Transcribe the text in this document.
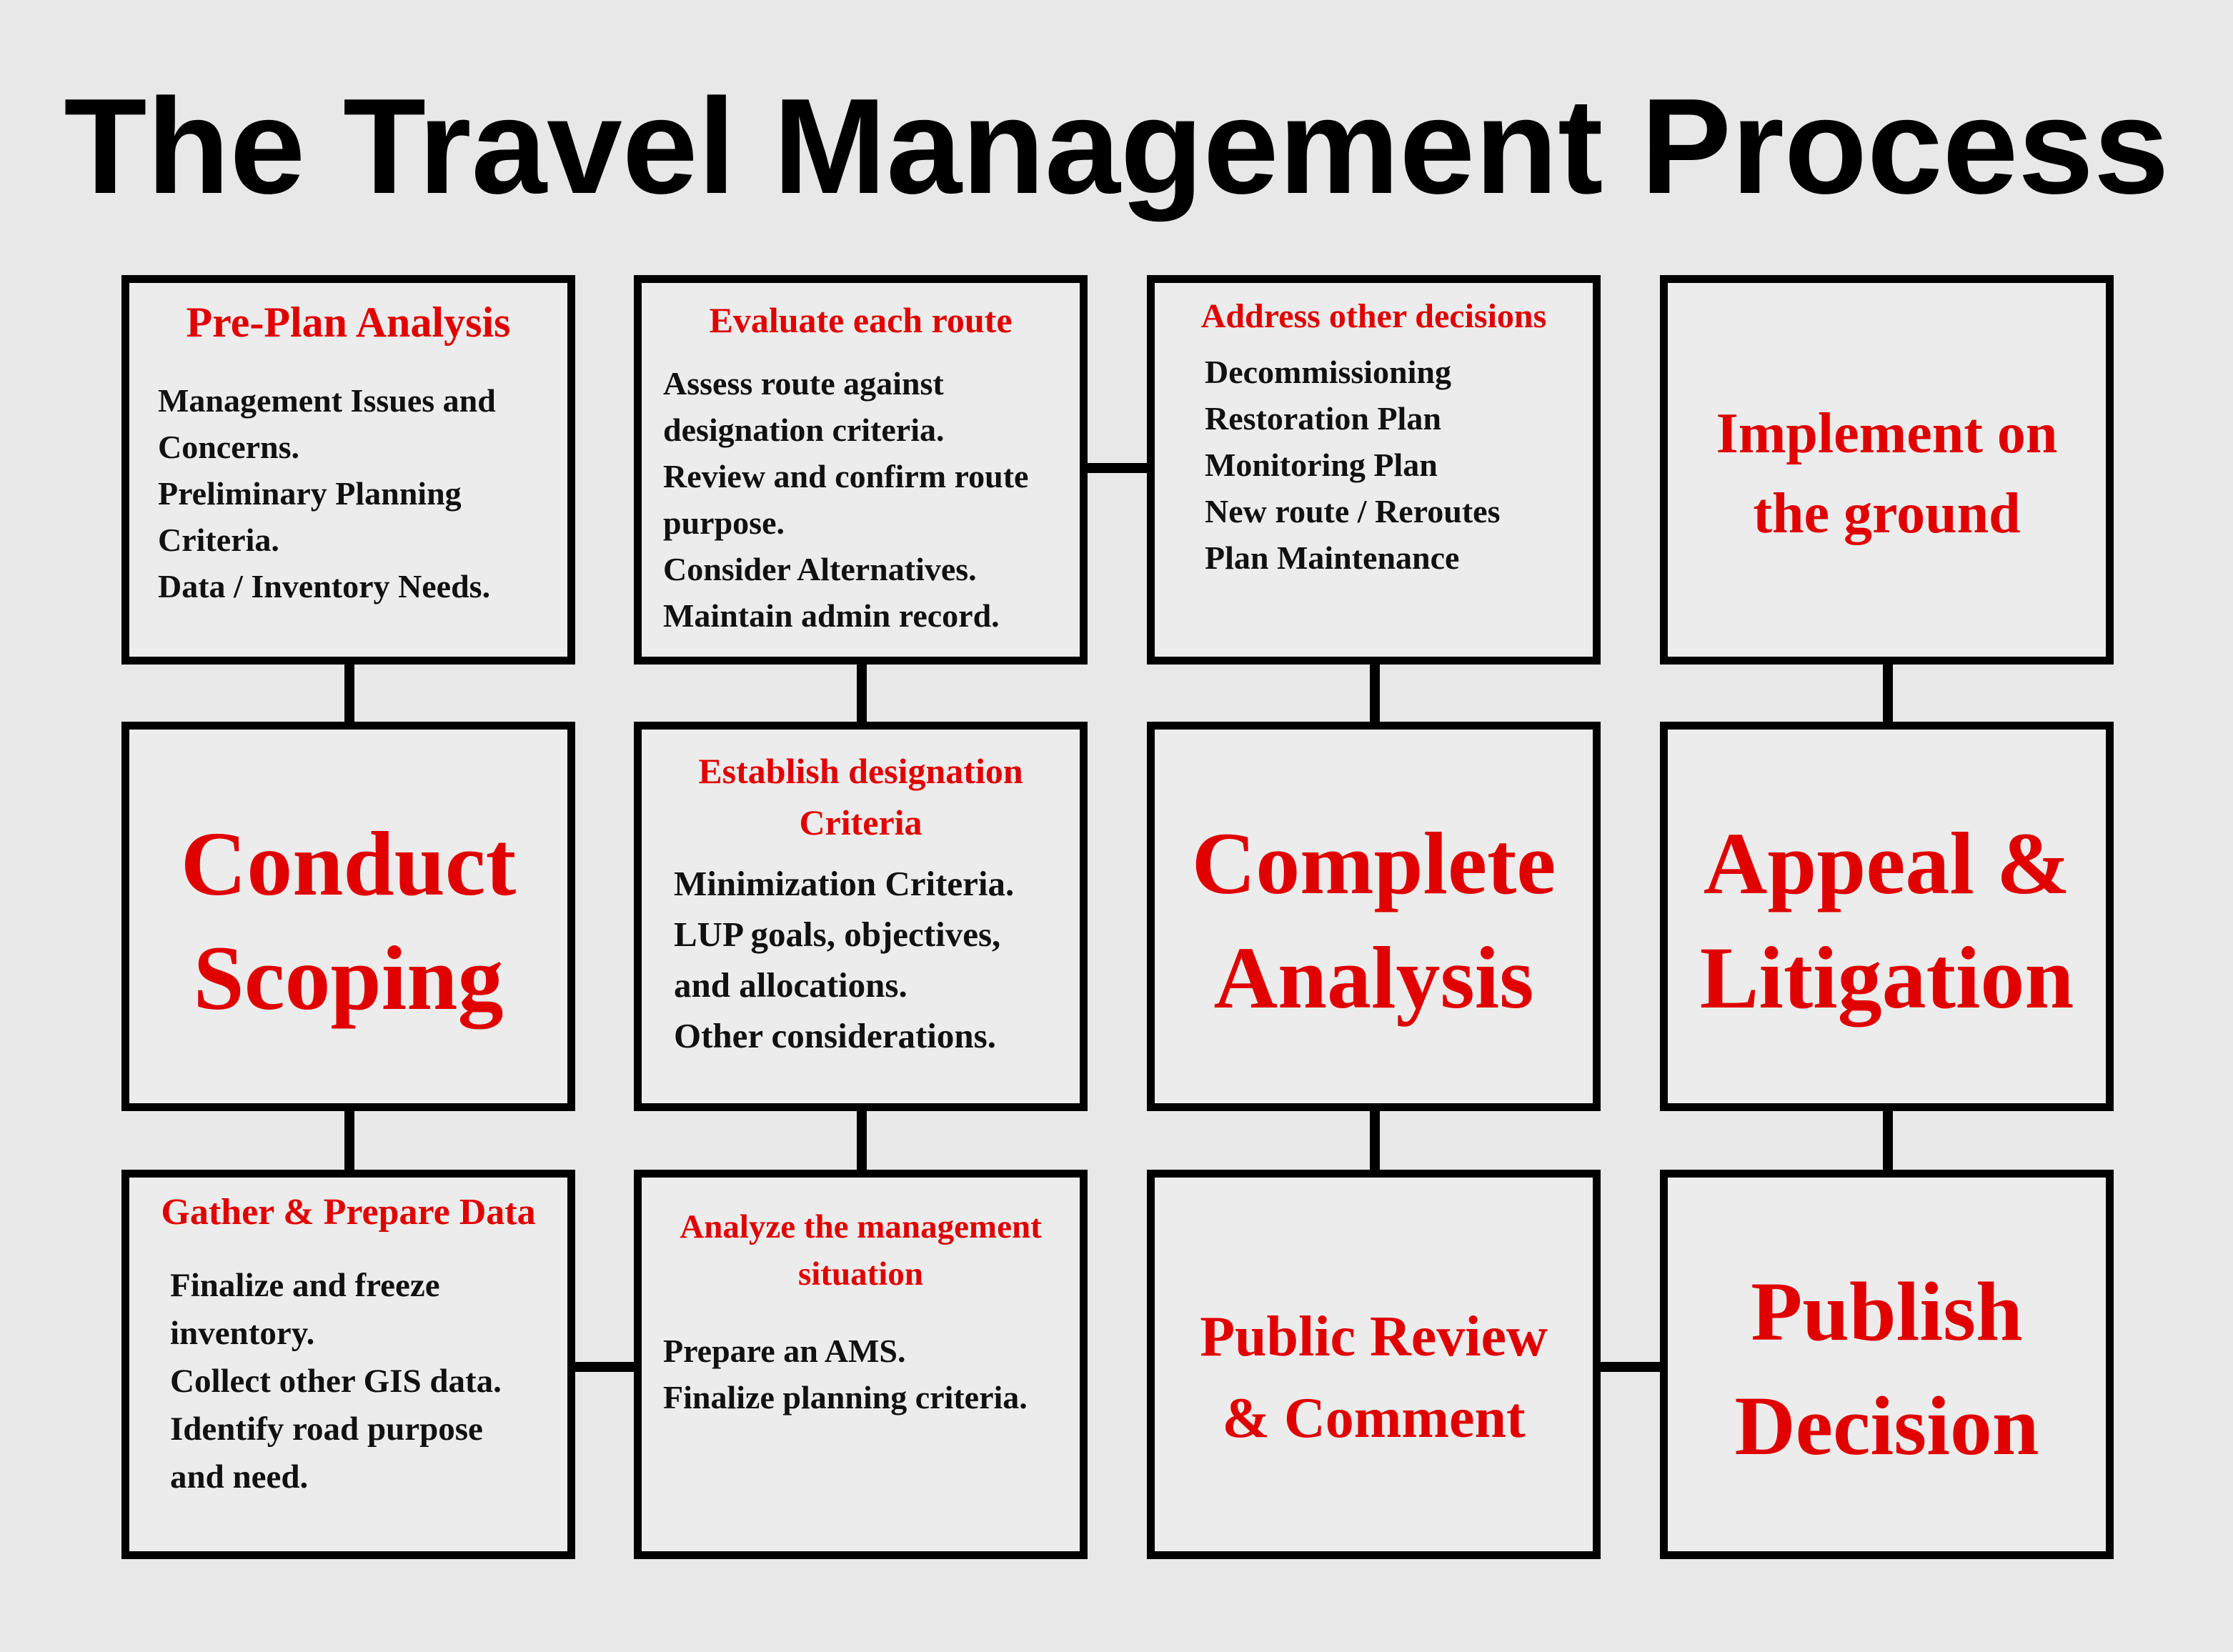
The Travel Management Process
Pre-Plan Analysis
Management Issues and
Concerns.
Preliminary Planning
Criteria.
Data / Inventory Needs.
Evaluate each route
Assess route against
designation criteria.
Review and confirm route
purpose.
Consider Alternatives.
Maintain admin record.
Address other decisions
Decommissioning
Restoration Plan
Monitoring Plan
New route / Reroutes
Plan Maintenance
Implement on
the ground
Conduct
Scoping
Establish designation
Criteria
Minimization Criteria.
LUP goals, objectives,
and allocations.
Other considerations.
Complete
Analysis
Appeal &
Litigation
Gather & Prepare Data
Finalize and freeze
inventory.
Collect other GIS data.
Identify road purpose
and need.
Analyze the management
situation
Prepare an AMS.
Finalize planning criteria.
Public Review
& Comment
Publish
Decision
